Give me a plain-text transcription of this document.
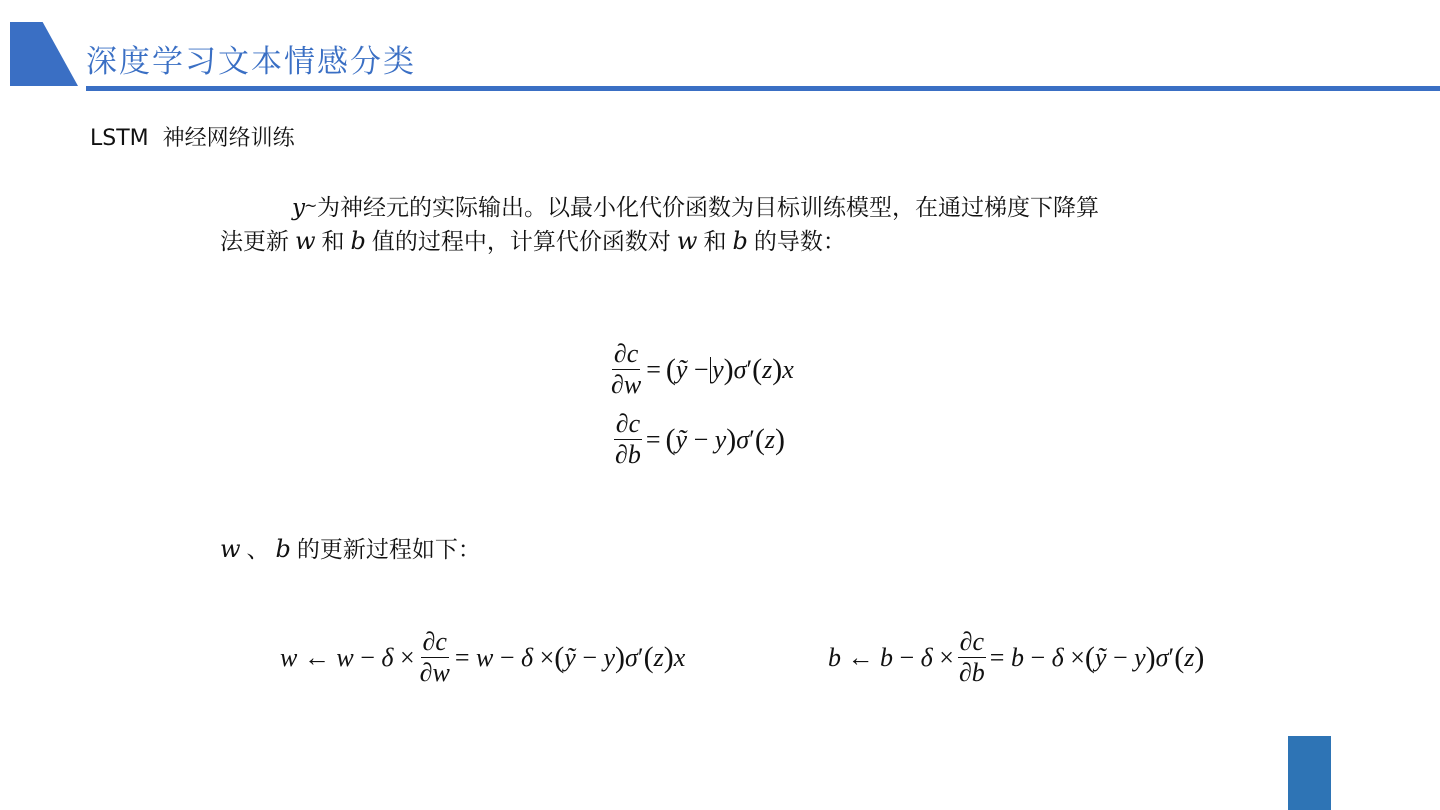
深度学习文本情感分类
LSTM  神经网络训练
y ~ 为神经元的实际输出。以最小化代价函数为目标训练模型，在通过梯度下降算法更新 w 和 b 值的过程中，计算代价函数对 w 和 b 的导数：
$\frac{\partial c}{\partial w}$ = ( ỹ − y ) σ ′ ( z ) x
$\frac{\partial c}{\partial b}$ = ( ỹ − y ) σ ′ ( z )
w 、 b 的更新过程如下：
w ← $w - \delta \times \frac{\partial c}{\partial w} = w - \delta$ × ( ỹ − y ) σ ′ ( z ) x	b ← $b - \delta \times \frac{\partial c}{\partial b} = b - \delta$ × ( ỹ − y ) σ ′ ( z )
